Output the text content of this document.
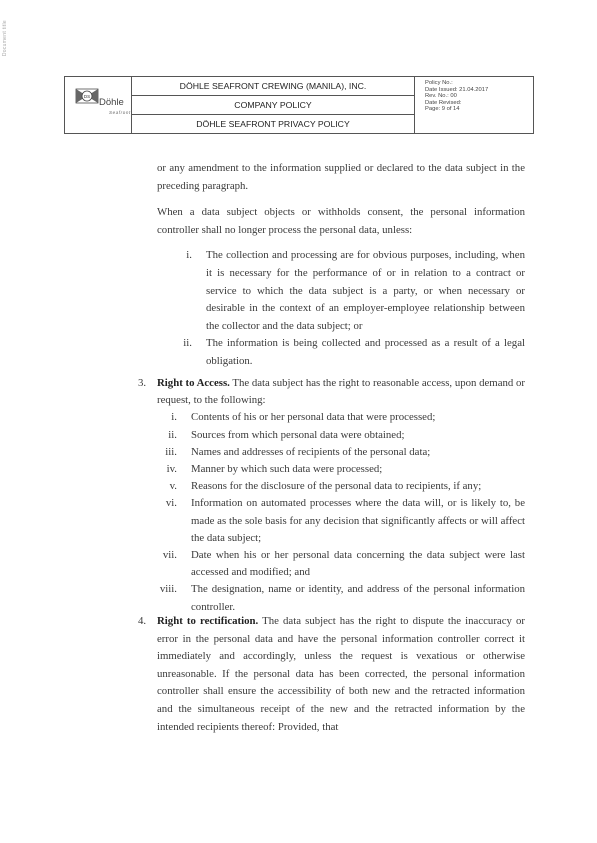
Document title
DS
Döhle
Seafront
DÖHLE SEAFRONT CREWING (MANILA), INC.
COMPANY POLICY
DÖHLE SEAFRONT PRIVACY POLICY
Policy No.:
Date Issued: 21.04.2017
Rev. No.: 00
Date Revised:
Page: 9 of 14

or any amendment to the information supplied or declared to the data subject in the preceding paragraph.

When a data subject objects or withholds consent, the personal information controller shall no longer process the personal data, unless:

i.	The collection and processing are for obvious purposes, including, when it is necessary for the performance of or in relation to a contract or service to which the data subject is a party, or when necessary or desirable in the context of an employer-employee relationship between the collector and the data subject; or
ii.	The information is being collected and processed as a result of a legal obligation.
3. Right to Access. The data subject has the right to reasonable access, upon demand or request, to the following:

i.	Contents of his or her personal data that were processed;
ii.	Sources from which personal data were obtained;
iii.	Names and addresses of recipients of the personal data;
iv.	Manner by which such data were processed;
v.	Reasons for the disclosure of the personal data to recipients, if any;
vi.	Information on automated processes where the data will, or is likely to, be made as the sole basis for any decision that significantly affects or will affect the data subject;
vii.	Date when his or her personal data concerning the data subject were last accessed and modified; and
viii.	The designation, name or identity, and address of the personal information controller.
4. Right to rectification. The data subject has the right to dispute the inaccuracy or error in the personal data and have the personal information controller correct it immediately and accordingly, unless the request is vexatious or otherwise unreasonable. If the personal data has been corrected, the personal information controller shall ensure the accessibility of both new and the retracted information and the simultaneous receipt of the new and the retracted information by the intended recipients thereof: Provided, that
